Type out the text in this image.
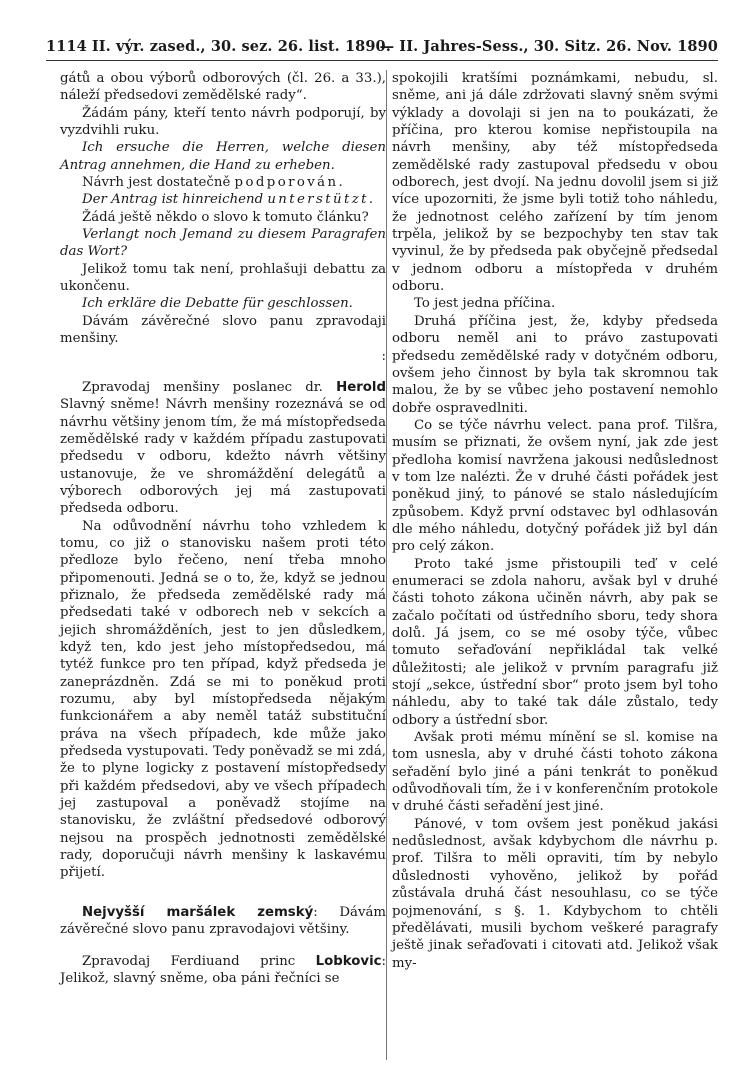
1114 II. výr. zased., 30. sez. 26. list. 1890.
— II. Jahres-Sess., 30. Sitz. 26. Nov. 1890

gátů a obou výborů odborových (čl. 26. a 33.), náleží předsedovi zemědělské rady“.

Žádám pány, kteří tento návrh podporují, by vyzdvihli ruku.

Ich ersuche die Herren, welche diesen Antrag annehmen, die Hand zu erheben.

Návrh jest dostatečně podporován.

Der Antrag ist hinreichend unterstützt.

Žádá ještě někdo o slovo k tomuto článku?

Verlangt noch Jemand zu diesem Paragrafen das Wort?

Jelikož tomu tak není, prohlašuji debattu za ukončenu.

Ich erkläre die Debatte für geschlossen.

Dávám závěrečné slovo panu zpravodaji menšiny.

:

Zpravodaj menšiny poslanec dr. Herold Slavný sněme! Návrh menšiny rozeznává se od návrhu většiny jenom tím, že má místopředseda zemědělské rady v každém případu zastupovati předsedu v odboru, kdežto návrh většiny ustanovuje, že ve shromáždění delegátů a výborech odborových jej má zastupovati předseda odboru.

Na odůvodnění návrhu toho vzhledem k tomu, co již o stanovisku našem proti této předloze bylo řečeno, není třeba mnoho připomenouti. Jedná se o to, že, když se jednou přiznalo, že předseda zemědělské rady má předsedati také v odborech neb v sekcích a jejich shromážděních, jest to jen důsledkem, když ten, kdo jest jeho místopředsedou, má tytéž funkce pro ten případ, když předseda je zaneprázdněn. Zdá se mi to poněkud proti rozumu, aby byl místopředseda nějakým funkcionářem a aby neměl tatáž substituční práva na všech případech, kde může jako předseda vystupovati. Tedy poněvadž se mi zdá, že to plyne logicky z postavení místopředsedy při každém předsedovi, aby ve všech případech jej zastupoval a poněvadž stojíme na stanovisku, že zvláštní předsedové odborový nejsou na prospěch jednotnosti zemědělské rady, doporučuji návrh menšiny k laskavému přijetí.

Nejvyšší maršálek zemský: Dávám závěrečné slovo panu zpravodajovi většiny.

Zpravodaj Ferdiuand princ Lobkovic: Jelikož, slavný sněme, oba páni řečníci se

spokojili kratšími poznámkami, nebudu, sl. sněme, ani já dále zdržovati slavný sněm svými výklady a dovolaji si jen na to poukázati, že příčina, pro kterou komise nepřistoupila na návrh menšiny, aby též místopředseda zemědělské rady zastupoval předsedu v obou odborech, jest dvojí. Na jednu dovolil jsem si již více upozorniti, že jsme byli totiž toho náhledu, že jednotnost celého zařízení by tím jenom trpěla, jelikož by se bezpochyby ten stav tak vyvinul, že by předseda pak obyčejně předsedal v jednom odboru a místopředa v druhém odboru.

To jest jedna příčina.

Druhá příčina jest, že, kdyby předseda odboru neměl ani to právo zastupovati předsedu zemědělské rady v dotyčném odboru, ovšem jeho činnost by byla tak skromnou tak malou, že by se vůbec jeho postavení nemohlo dobře ospravedlniti.

Co se týče návrhu velect. pana prof. Tilšra, musím se přiznati, že ovšem nyní, jak zde jest předloha komisí navržena jakousi nedůslednost v tom lze nalézti. Že v druhé části pořádek jest poněkud jiný, to pánové se stalo následujícím způsobem. Když první odstavec byl odhlasován dle mého náhledu, dotyčný pořádek již byl dán pro celý zákon.

Proto také jsme přistoupili teď v celé enumeraci se zdola nahoru, avšak byl v druhé části tohoto zákona učiněn návrh, aby pak se začalo počítati od ústředního sboru, tedy shora dolů. Já jsem, co se mé osoby týče, vůbec tomuto seřaďování nepřikládal tak velké důležitosti; ale jelikož v prvním paragrafu již stojí „sekce, ústřední sbor“ proto jsem byl toho náhledu, aby to také tak dále zůstalo, tedy odbory a ústřední sbor.

Avšak proti mému mínění se sl. komise na tom usnesla, aby v druhé části tohoto zákona seřadění bylo jiné a páni tenkrát to poněkud odůvodňovali tím, že i v konferenčním protokole v druhé části seřadění jest jiné.

Pánové, v tom ovšem jest poněkud jakási nedůslednost, avšak kdybychom dle návrhu p. prof. Tilšra to měli opraviti, tím by nebylo důslednosti vyhověno, jelikož by pořád zůstávala druhá část nesouhlasu, co se týče pojmenování, s §. 1. Kdybychom to chtěli předělávati, musili bychom veškeré paragrafy ještě jinak seřaďovati i citovati atd. Jelikož však my-
